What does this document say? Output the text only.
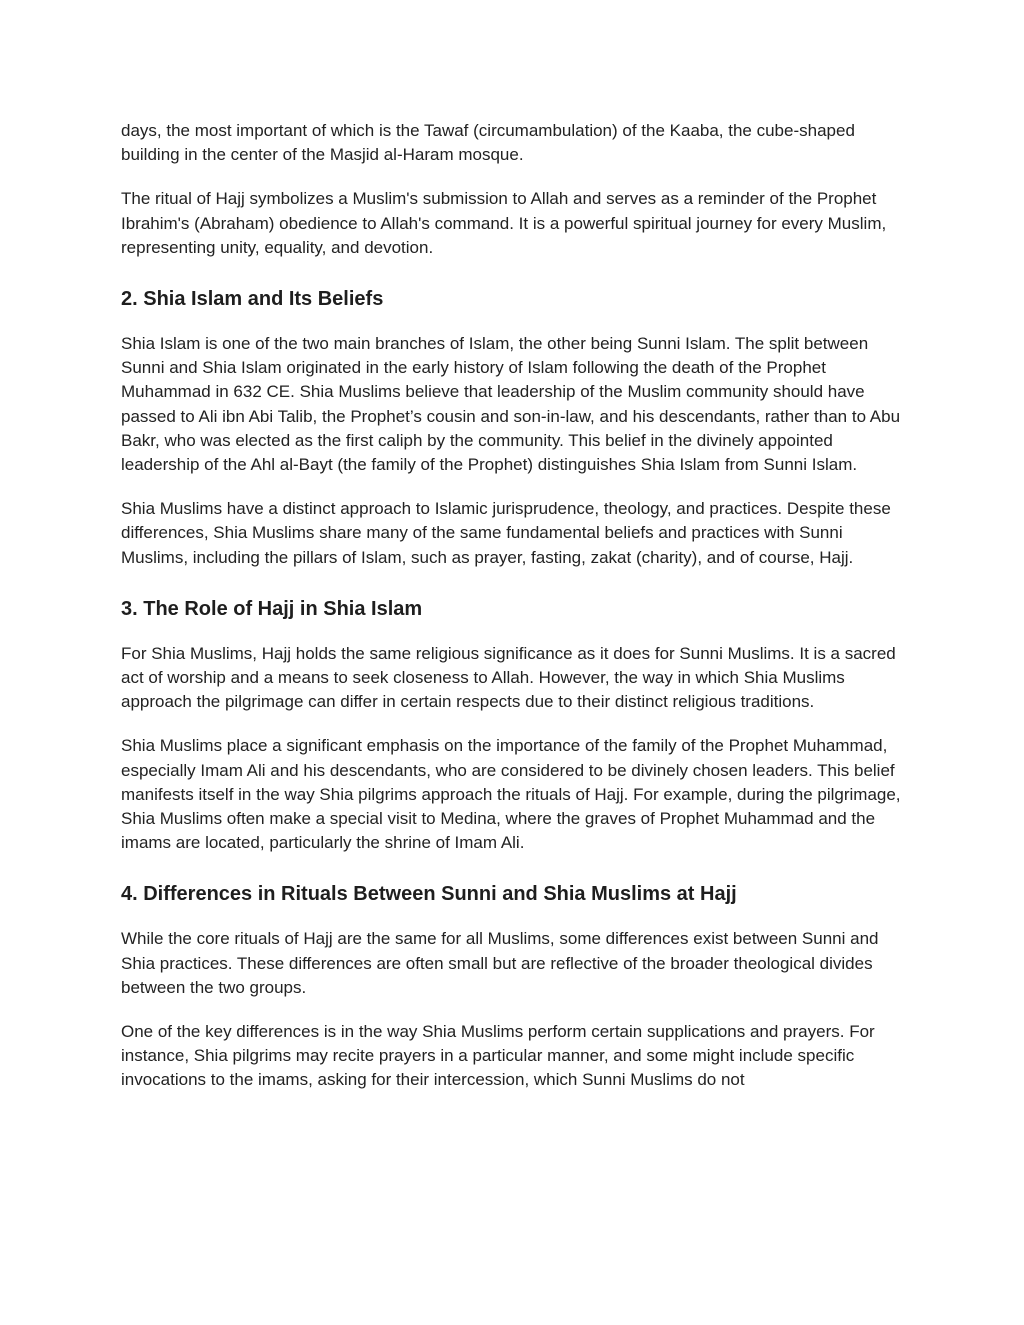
days, the most important of which is the Tawaf (circumambulation) of the Kaaba, the cube-shaped building in the center of the Masjid al-Haram mosque.

The ritual of Hajj symbolizes a Muslim's submission to Allah and serves as a reminder of the Prophet Ibrahim's (Abraham) obedience to Allah's command. It is a powerful spiritual journey for every Muslim, representing unity, equality, and devotion.

2. Shia Islam and Its Beliefs

Shia Islam is one of the two main branches of Islam, the other being Sunni Islam. The split between Sunni and Shia Islam originated in the early history of Islam following the death of the Prophet Muhammad in 632 CE. Shia Muslims believe that leadership of the Muslim community should have passed to Ali ibn Abi Talib, the Prophet’s cousin and son-in-law, and his descendants, rather than to Abu Bakr, who was elected as the first caliph by the community. This belief in the divinely appointed leadership of the Ahl al-Bayt (the family of the Prophet) distinguishes Shia Islam from Sunni Islam.

Shia Muslims have a distinct approach to Islamic jurisprudence, theology, and practices. Despite these differences, Shia Muslims share many of the same fundamental beliefs and practices with Sunni Muslims, including the pillars of Islam, such as prayer, fasting, zakat (charity), and of course, Hajj.

3. The Role of Hajj in Shia Islam

For Shia Muslims, Hajj holds the same religious significance as it does for Sunni Muslims. It is a sacred act of worship and a means to seek closeness to Allah. However, the way in which Shia Muslims approach the pilgrimage can differ in certain respects due to their distinct religious traditions.

Shia Muslims place a significant emphasis on the importance of the family of the Prophet Muhammad, especially Imam Ali and his descendants, who are considered to be divinely chosen leaders. This belief manifests itself in the way Shia pilgrims approach the rituals of Hajj. For example, during the pilgrimage, Shia Muslims often make a special visit to Medina, where the graves of Prophet Muhammad and the imams are located, particularly the shrine of Imam Ali.

4. Differences in Rituals Between Sunni and Shia Muslims at Hajj

While the core rituals of Hajj are the same for all Muslims, some differences exist between Sunni and Shia practices. These differences are often small but are reflective of the broader theological divides between the two groups.

One of the key differences is in the way Shia Muslims perform certain supplications and prayers. For instance, Shia pilgrims may recite prayers in a particular manner, and some might include specific invocations to the imams, asking for their intercession, which Sunni Muslims do not
